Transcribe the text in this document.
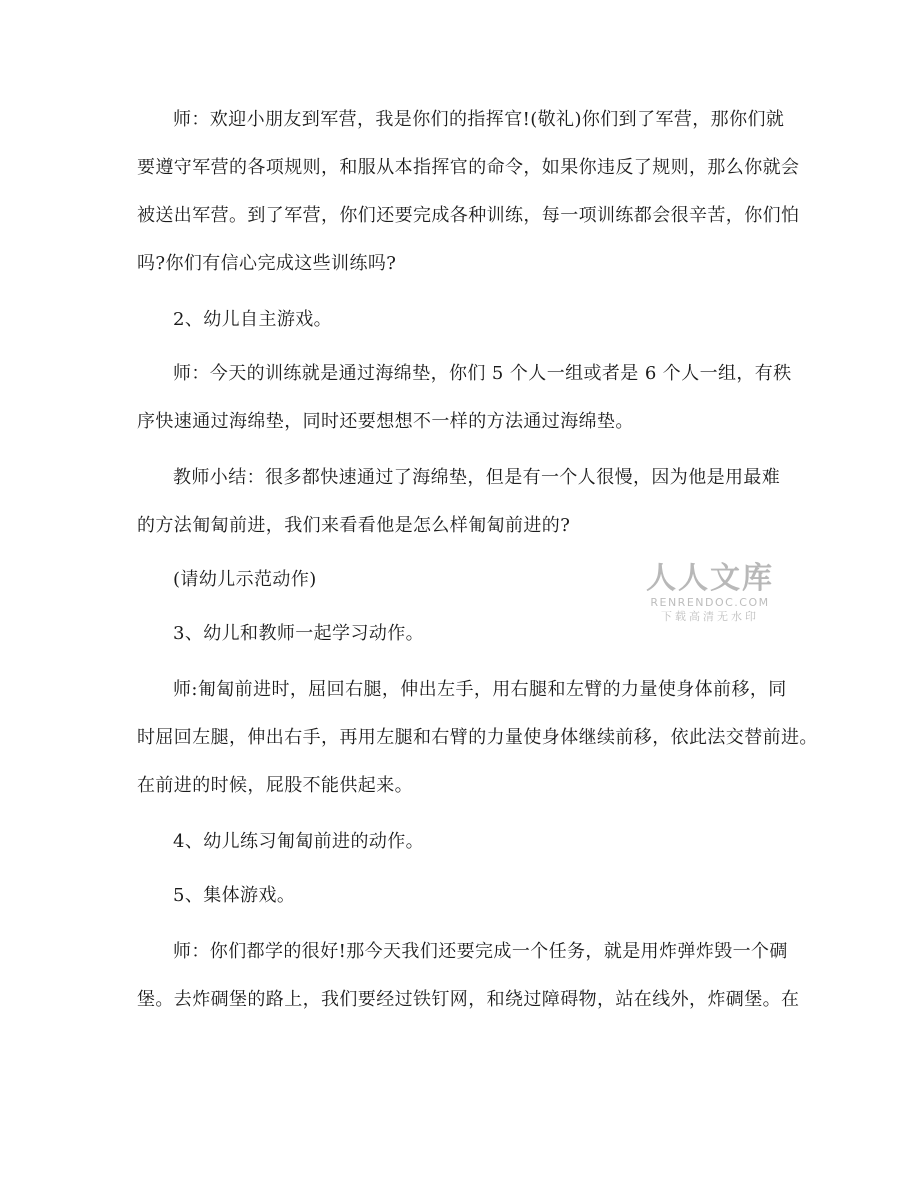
师：欢迎小朋友到军营，我是你们的指挥官!(敬礼)你们到了军营，那你们就
要遵守军营的各项规则，和服从本指挥官的命令，如果你违反了规则，那么你就会
被送出军营。到了军营，你们还要完成各种训练，每一项训练都会很辛苦，你们怕
吗?你们有信心完成这些训练吗?
2、幼儿自主游戏。
师：今天的训练就是通过海绵垫，你们 5 个人一组或者是 6 个人一组，有秩
序快速通过海绵垫，同时还要想想不一样的方法通过海绵垫。
教师小结：很多都快速通过了海绵垫，但是有一个人很慢，因为他是用最难
的方法匍匐前进，我们来看看他是怎么样匍匐前进的?
(请幼儿示范动作)
3、幼儿和教师一起学习动作。
师:匍匐前进时，屈回右腿，伸出左手，用右腿和左臂的力量使身体前移，同
时屈回左腿，伸出右手，再用左腿和右臂的力量使身体继续前移，依此法交替前进。
在前进的时候，屁股不能供起来。
4、幼儿练习匍匐前进的动作。
5、集体游戏。
师：你们都学的很好!那今天我们还要完成一个任务，就是用炸弹炸毁一个碉
堡。去炸碉堡的路上，我们要经过铁钉网，和绕过障碍物，站在线外，炸碉堡。在
人人文库
RENRENDOC.COM
下载高清无水印
